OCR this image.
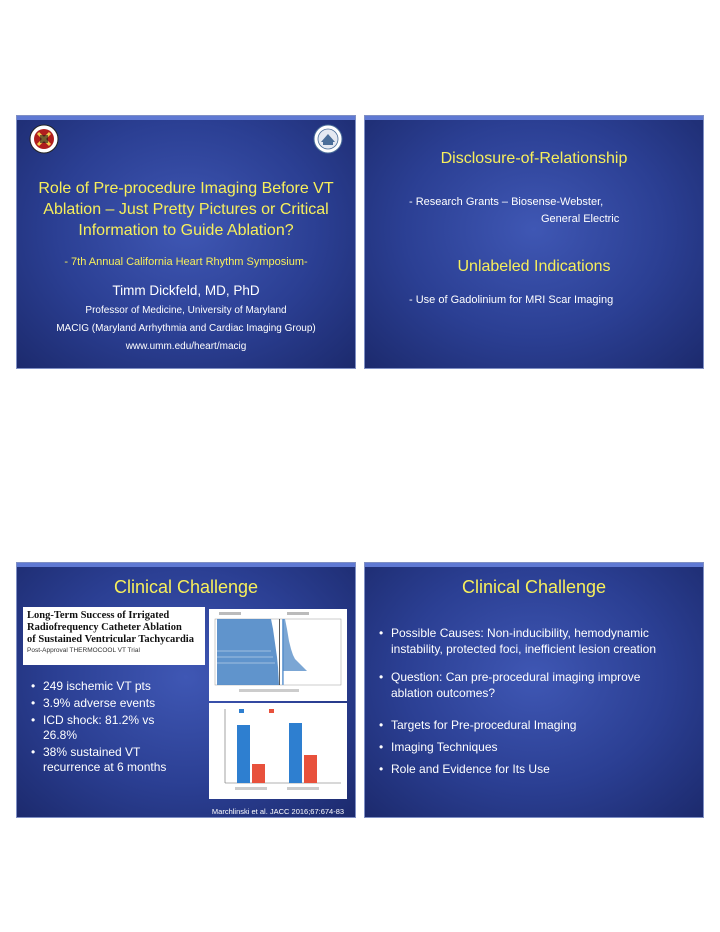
Role of Pre-procedure Imaging Before VT Ablation – Just Pretty Pictures or Critical Information to Guide Ablation?
- 7th Annual California Heart Rhythm Symposium-
Timm Dickfeld, MD, PhD
Professor of Medicine, University of Maryland
MACIG (Maryland Arrhythmia and Cardiac Imaging Group)
www.umm.edu/heart/macig
Disclosure-of-Relationship
- Research Grants – Biosense-Webster,
General Electric
Unlabeled Indications
- Use of Gadolinium for MRI Scar Imaging
Clinical Challenge
Long-Term Success of Irrigated
Radiofrequency Catheter Ablation
of Sustained Ventricular Tachycardia
Post-Approval THERMOCOOL VT Trial
• 249 ischemic VT pts
• 3.9% adverse events
• ICD shock: 81.2% vs 26.8%
• 38% sustained VT recurrence at 6 months
Marchlinski et al. JACC 2016;67:674-83
Clinical Challenge
• Possible Causes: Non-inducibility, hemodynamic instability, protected foci, inefficient lesion creation
• Question: Can pre-procedural imaging improve ablation outcomes?
• Targets for Pre-procedural Imaging
• Imaging Techniques
• Role and Evidence for Its Use
